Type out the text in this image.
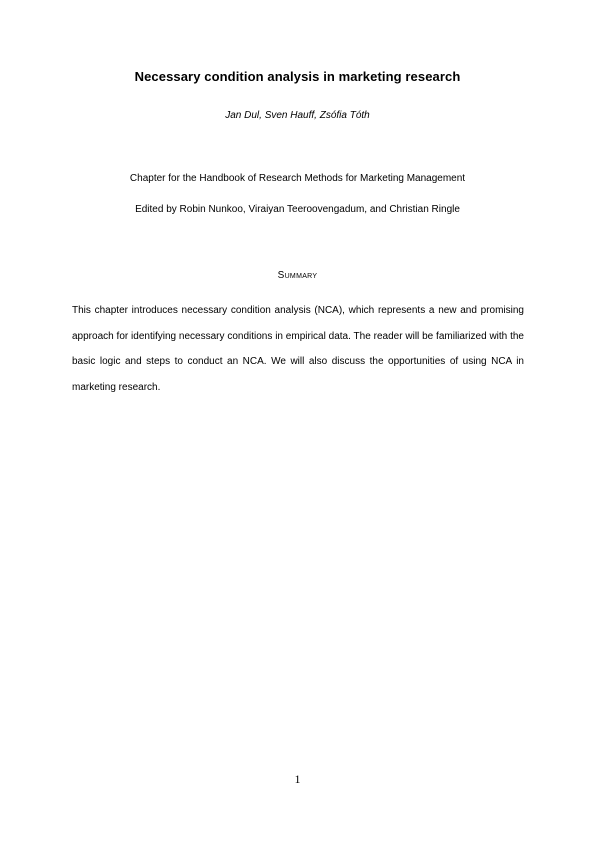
Necessary condition analysis in marketing research
Jan Dul, Sven Hauff, Zsófia Tóth
Chapter for the Handbook of Research Methods for Marketing Management
Edited by Robin Nunkoo, Viraiyan Teeroovengadum, and Christian Ringle
Summary
This chapter introduces necessary condition analysis (NCA), which represents a new and promising approach for identifying necessary conditions in empirical data. The reader will be familiarized with the basic logic and steps to conduct an NCA. We will also discuss the opportunities of using NCA in marketing research.
1
